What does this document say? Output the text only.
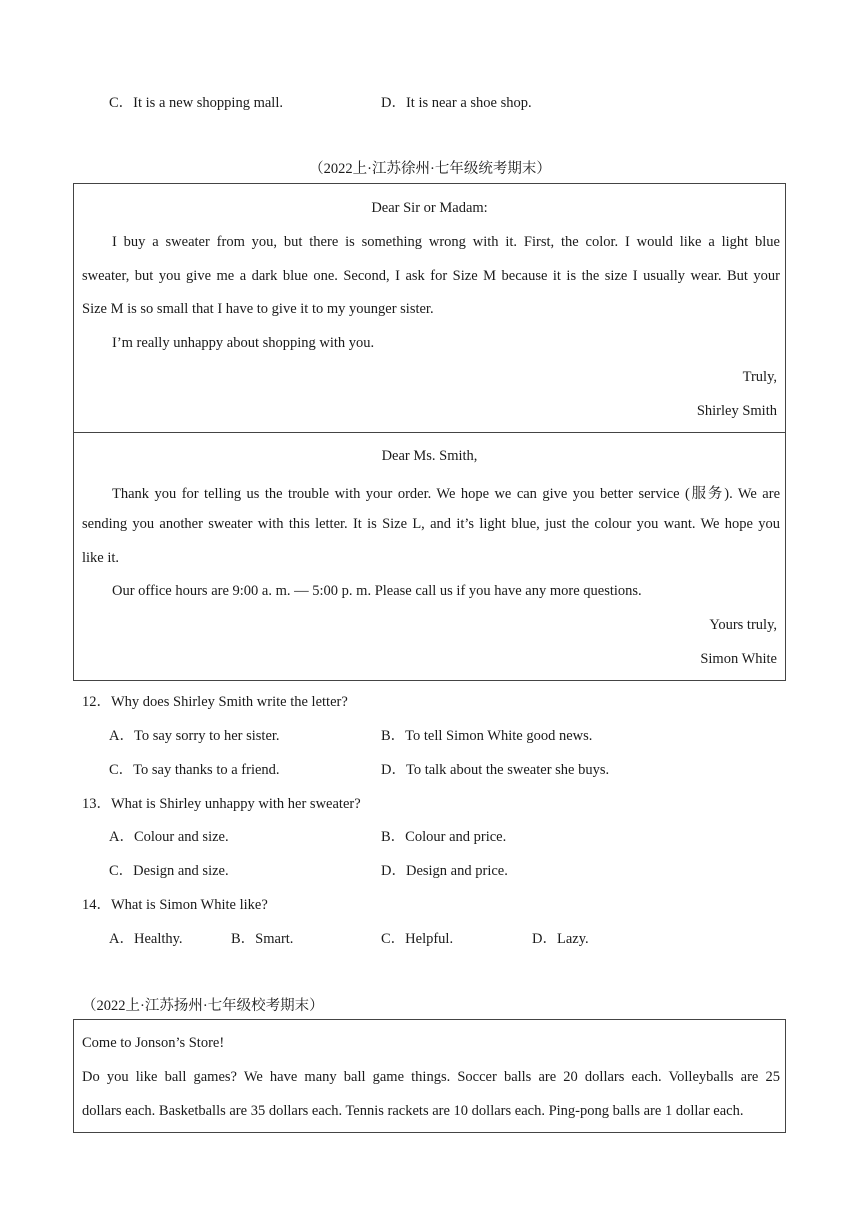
C．It is a new shopping mall.	D．It is near a shoe shop.
（2022上·江苏徐州·七年级统考期末）
Dear Sir or Madam:
I buy a sweater from you, but there is something wrong with it. First, the color. I would like a light blue
sweater, but you give me a dark blue one. Second, I ask for Size M because it is the size I usually wear. But your
Size M is so small that I have to give it to my younger sister.
I’m really unhappy about shopping with you.
Truly,
Shirley Smith
Dear Ms. Smith,
Thank you for telling us the trouble with your order. We hope we can give you better service (服务). We are
sending you another sweater with this letter. It is Size L, and it’s light blue, just the colour you want. We hope you
like it.
Our office hours are 9:00 a. m. — 5:00 p. m. Please call us if you have any more questions.
Yours truly,
Simon White
12．Why does Shirley Smith write the letter?
A．To say sorry to her sister.	B．To tell Simon White good news.
C．To say thanks to a friend.	D．To talk about the sweater she buys.
13．What is Shirley unhappy with her sweater?
A．Colour and size.	B．Colour and price.
C．Design and size.	D．Design and price.
14．What is Simon White like?
A．Healthy.	B．Smart.	C．Helpful.	D．Lazy.
（2022上·江苏扬州·七年级校考期末）
Come to Jonson’s Store!
Do you like ball games? We have many ball game things. Soccer balls are 20 dollars each. Volleyballs are 25
dollars each. Basketballs are 35 dollars each. Tennis rackets are 10 dollars each. Ping-pong balls are 1 dollar each.
